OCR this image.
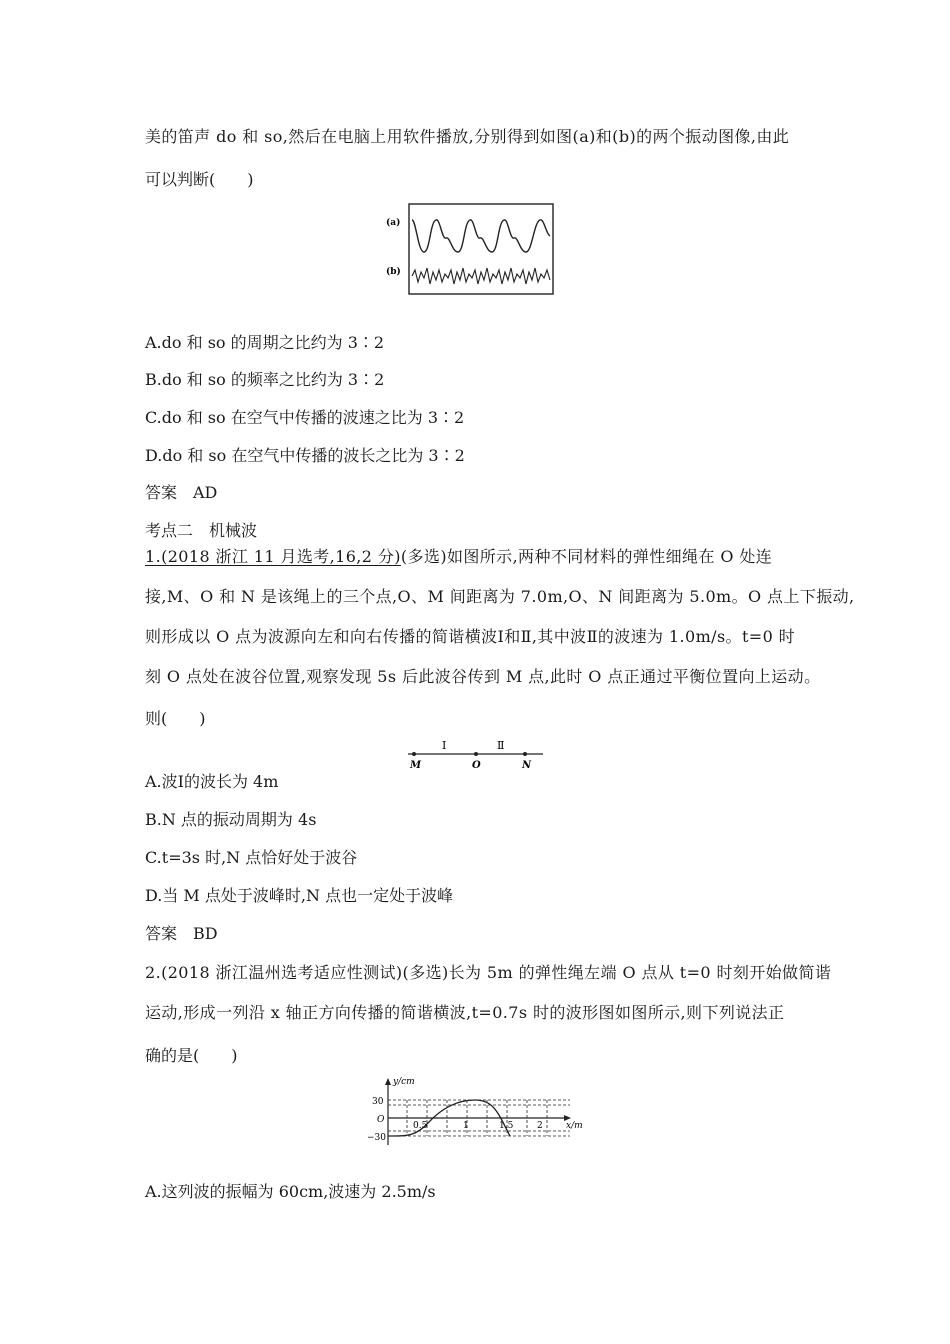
美的笛声 do 和 so,然后在电脑上用软件播放,分别得到如图(a)和(b)的两个振动图像,由此
可以判断(　　)
(a)
(b)
A.do 和 so 的周期之比约为 3∶2
B.do 和 so 的频率之比约为 3∶2
C.do 和 so 在空气中传播的波速之比为 3∶2
D.do 和 so 在空气中传播的波长之比为 3∶2
答案　AD
考点二　机械波
1.(2018 浙江 11 月选考,16,2 分)(多选)如图所示,两种不同材料的弹性细绳在 O 处连
接,M、O 和 N 是该绳上的三个点,O、M 间距离为 7.0m,O、N 间距离为 5.0m。O 点上下振动,
则形成以 O 点为波源向左和向右传播的简谐横波Ⅰ和Ⅱ,其中波Ⅱ的波速为 1.0m/s。t=0 时
刻 O 点处在波谷位置,观察发现 5s 后此波谷传到 M 点,此时 O 点正通过平衡位置向上运动。
则(　　)
M	O	N
Ⅰ	Ⅱ
A.波Ⅰ的波长为 4m
B.N 点的振动周期为 4s
C.t=3s 时,N 点恰好处于波谷
D.当 M 点处于波峰时,N 点也一定处于波峰
答案　BD
2.(2018 浙江温州选考适应性测试)(多选)长为 5m 的弹性绳左端 O 点从 t=0 时刻开始做简谐
运动,形成一列沿 x 轴正方向传播的简谐横波,t=0.7s 时的波形图如图所示,则下列说法正
确的是(　　)
y/cm
x/m
30
O
−30
0.5	1	1.5	2
A.这列波的振幅为 60cm,波速为 2.5m/s
